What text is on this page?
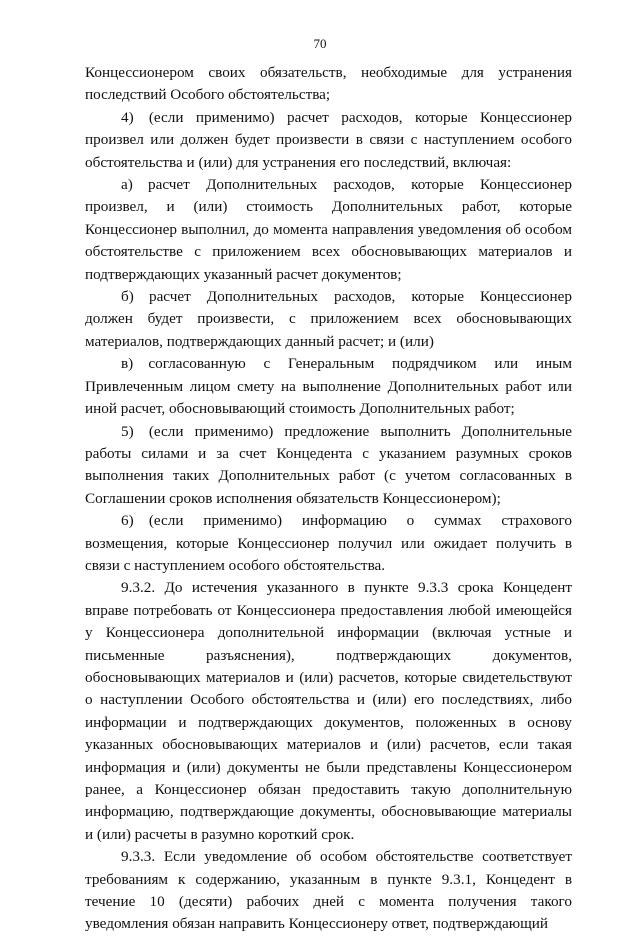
70

Концессионером своих обязательств, необходимые для устранения последствий Особого обстоятельства;

4) (если применимо) расчет расходов, которые Концессионер произвел или должен будет произвести в связи с наступлением особого обстоятельства и (или) для устранения его последствий, включая:

а) расчет Дополнительных расходов, которые Концессионер произвел, и (или) стоимость Дополнительных работ, которые Концессионер выполнил, до момента направления уведомления об особом обстоятельстве с приложением всех обосновывающих материалов и подтверждающих указанный расчет документов;

б) расчет Дополнительных расходов, которые Концессионер должен будет произвести, с приложением всех обосновывающих материалов, подтверждающих данный расчет; и (или)

в) согласованную с Генеральным подрядчиком или иным Привлеченным лицом смету на выполнение Дополнительных работ или иной расчет, обосновывающий стоимость Дополнительных работ;

5) (если применимо) предложение выполнить Дополнительные работы силами и за счет Концедента с указанием разумных сроков выполнения таких Дополнительных работ (с учетом согласованных в Соглашении сроков исполнения обязательств Концессионером);

6) (если применимо) информацию о суммах страхового возмещения, которые Концессионер получил или ожидает получить в связи с наступлением особого обстоятельства.

9.3.2. До истечения указанного в пункте 9.3.3 срока Концедент вправе потребовать от Концессионера предоставления любой имеющейся у Концессионера дополнительной информации (включая устные и письменные разъяснения), подтверждающих документов, обосновывающих материалов и (или) расчетов, которые свидетельствуют о наступлении Особого обстоятельства и (или) его последствиях, либо информации и подтверждающих документов, положенных в основу указанных обосновывающих материалов и (или) расчетов, если такая информация и (или) документы не были представлены Концессионером ранее, а Концессионер обязан предоставить такую дополнительную информацию, подтверждающие документы, обосновывающие материалы и (или) расчеты в разумно короткий срок.

9.3.3. Если уведомление об особом обстоятельстве соответствует требованиям к содержанию, указанным в пункте 9.3.1, Концедент в течение 10 (десяти) рабочих дней с момента получения такого уведомления обязан направить Концессионеру ответ, подтверждающий
